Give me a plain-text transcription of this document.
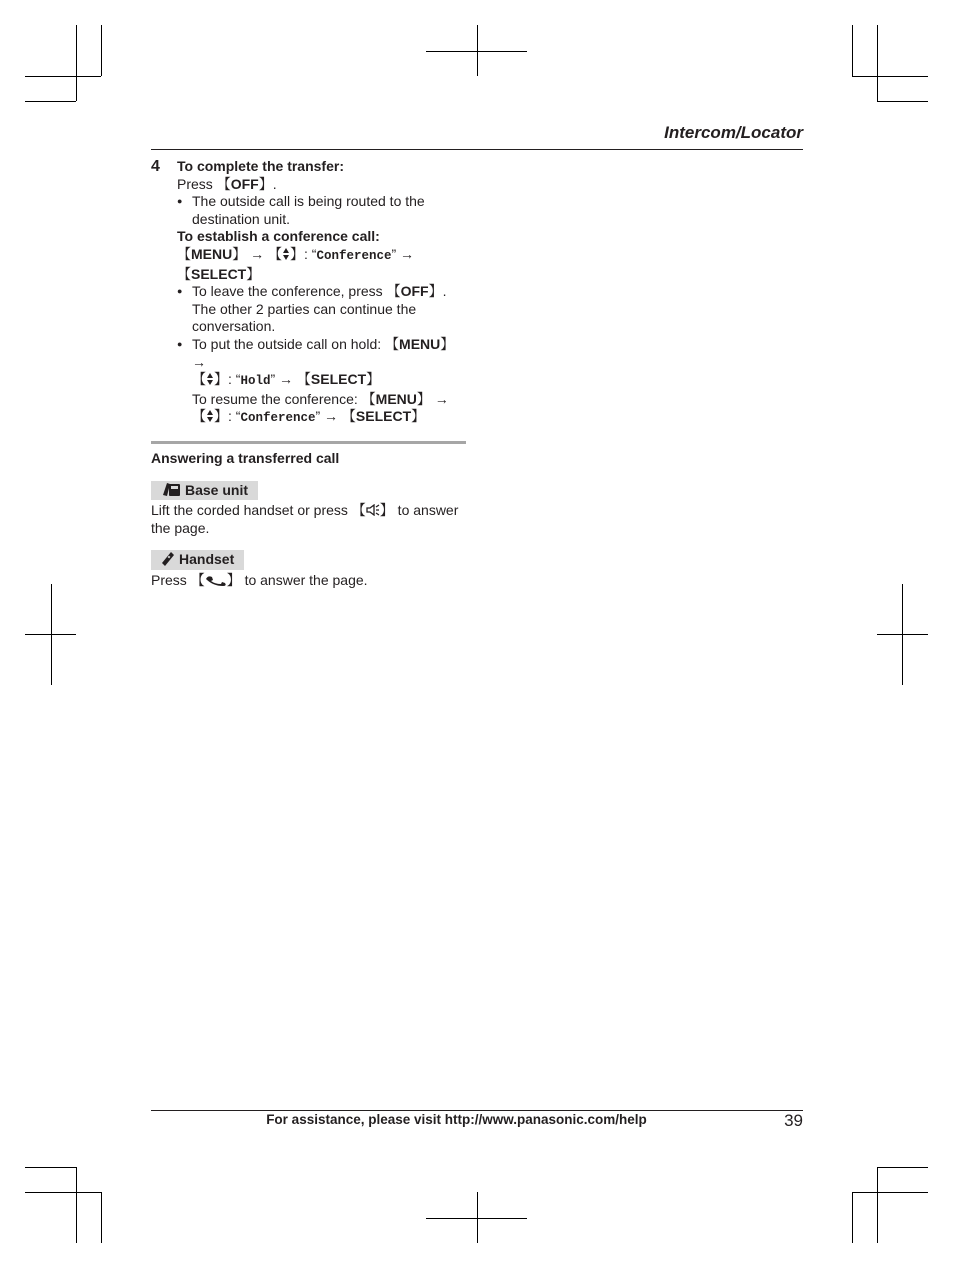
Intercom/Locator
4 To complete the transfer:
Press 【 OFF 】 .
● The outside call is being routed to the destination unit.
To establish a conference call:
【 MENU 】 → 【  】	: “Conference” →
【 SELECT 】
● To leave the conference, press 【 OFF 】 . The other 2 parties can continue the conversation.
● To put the outside call on hold: 【 MENU 】 →
【  】: “Hold” → 【 SELECT 】
To resume the conference: 【 MENU 】 →
【  】: “Conference” → 【 SELECT 】
Answering a transferred call
Base unit
Lift the corded handset or press 【  】	to answer the page.
Handset
Press 【  】	to answer the page.
For assistance, please visit http://www.panasonic.com/help	39
